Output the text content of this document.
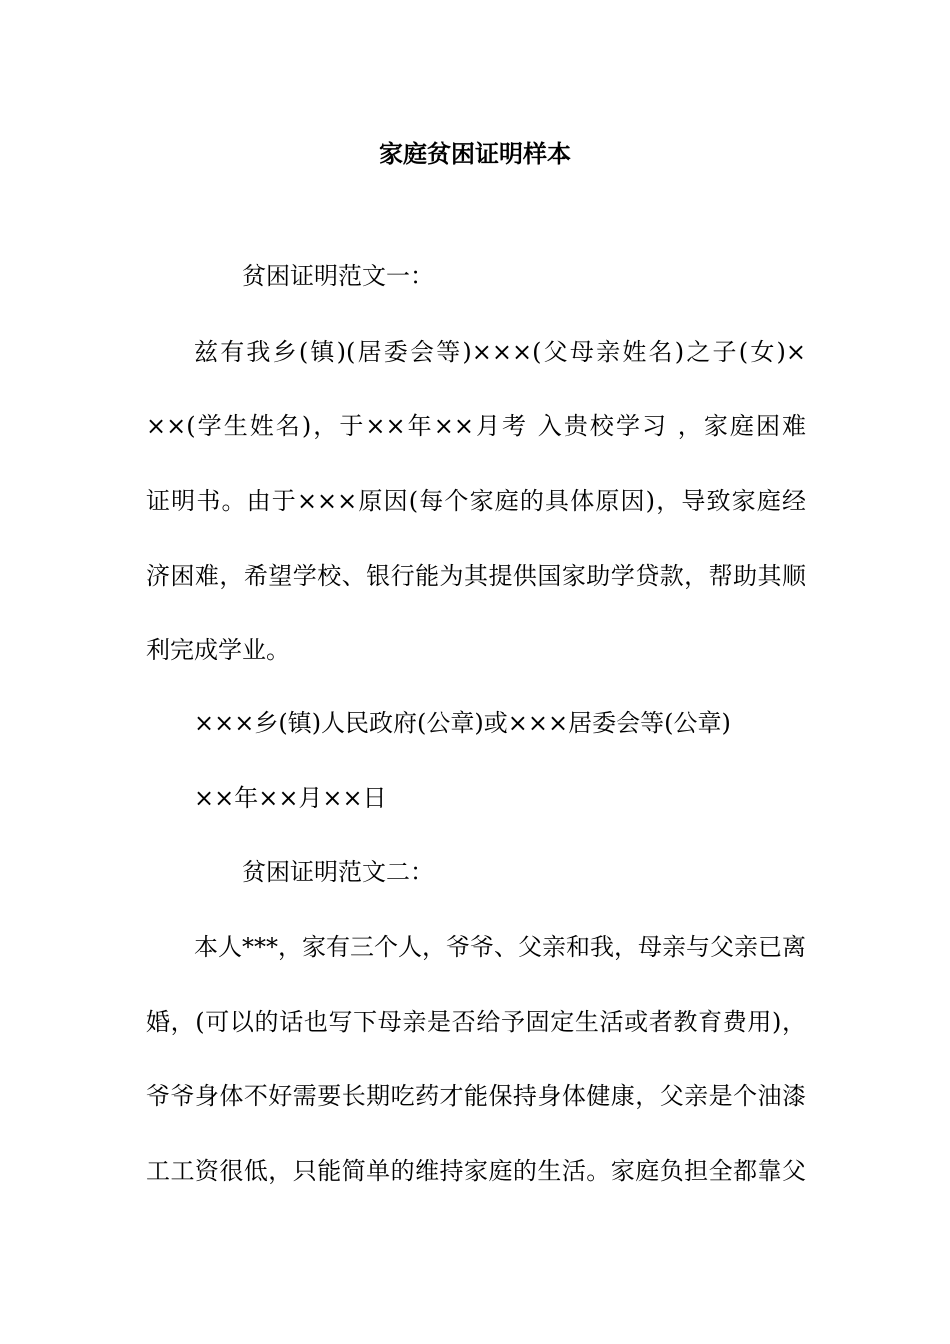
家庭贫困证明样本
贫困证明范文一：
兹有我乡(镇)(居委会等)×××(父母亲姓名)之子(女)×
××(学生姓名)，于××年××月考 入贵校学习 ，家庭困难
证明书。由于×××原因(每个家庭的具体原因)，导致家庭经
济困难，希望学校、银行能为其提供国家助学贷款，帮助其顺
利完成学业。
×××乡(镇)人民政府(公章)或×××居委会等(公章)
××年××月××日
贫困证明范文二：
本人***，家有三个人，爷爷、父亲和我，母亲与父亲已离
婚，(可以的话也写下母亲是否给予固定生活或者教育费用)，
爷爷身体不好需要长期吃药才能保持身体健康，父亲是个油漆
工工资很低，只能简单的维持家庭的生活。家庭负担全都靠父
